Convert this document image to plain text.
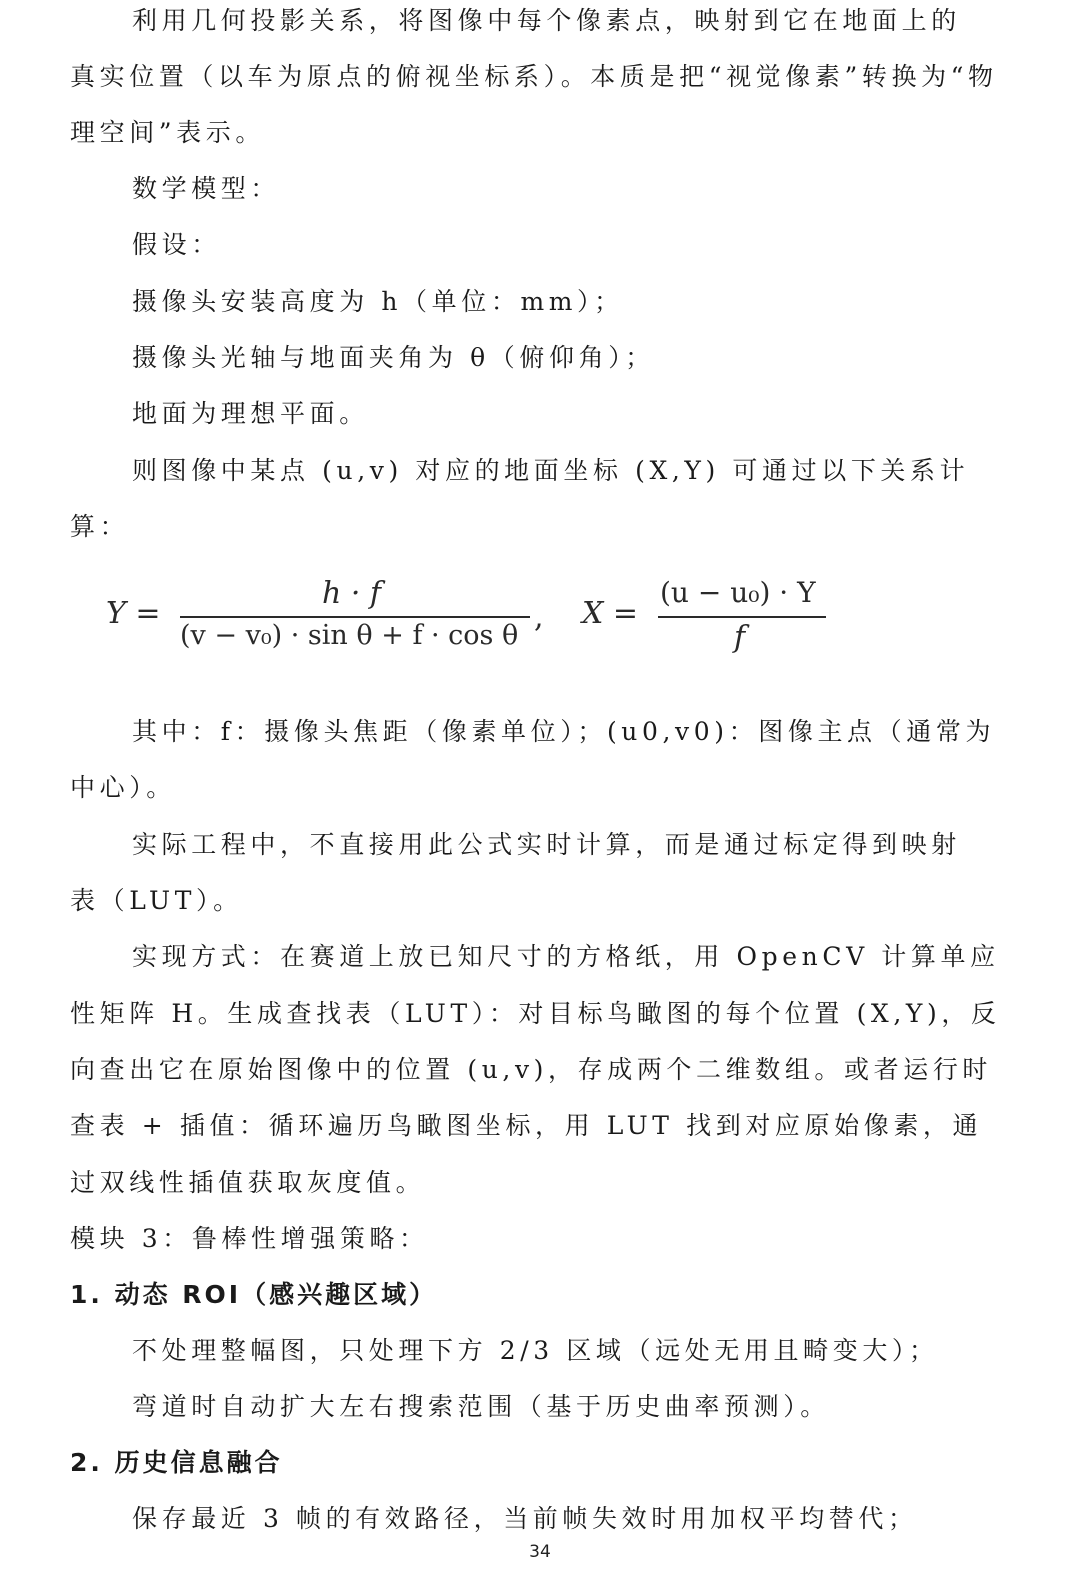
利用几何投影关系，将图像中每个像素点，映射到它在地面上的
真实位置（以车为原点的俯视坐标系）。本质是把“视觉像素”转换为“物
理空间”表示。
数学模型：
假设：
摄像头安装高度为 h（单位：mm）；
摄像头光轴与地面夹角为 θ（俯仰角）；
地面为理想平面。
则图像中某点 (u,v) 对应的地面坐标 (X,Y) 可通过以下关系计
算：
Y =
h · f
(v − v₀) · sin θ + f · cos θ
, X =
(u − u₀) · Y
f
其中：f：摄像头焦距（像素单位）；(u0,v0)：图像主点（通常为
中心）。
实际工程中，不直接用此公式实时计算，而是通过标定得到映射
表（LUT）。
实现方式：在赛道上放已知尺寸的方格纸，用 OpenCV 计算单应
性矩阵 H。生成查找表（LUT）：对目标鸟瞰图的每个位置 (X,Y)，反
向查出它在原始图像中的位置 (u,v)，存成两个二维数组。或者运行时
查表 + 插值：循环遍历鸟瞰图坐标，用 LUT 找到对应原始像素，通
过双线性插值获取灰度值。
模块 3：鲁棒性增强策略：
1. 动态 ROI（感兴趣区域）
不处理整幅图，只处理下方 2/3 区域（远处无用且畸变大）；
弯道时自动扩大左右搜索范围（基于历史曲率预测）。
2. 历史信息融合
保存最近 3 帧的有效路径，当前帧失效时用加权平均替代；
34
